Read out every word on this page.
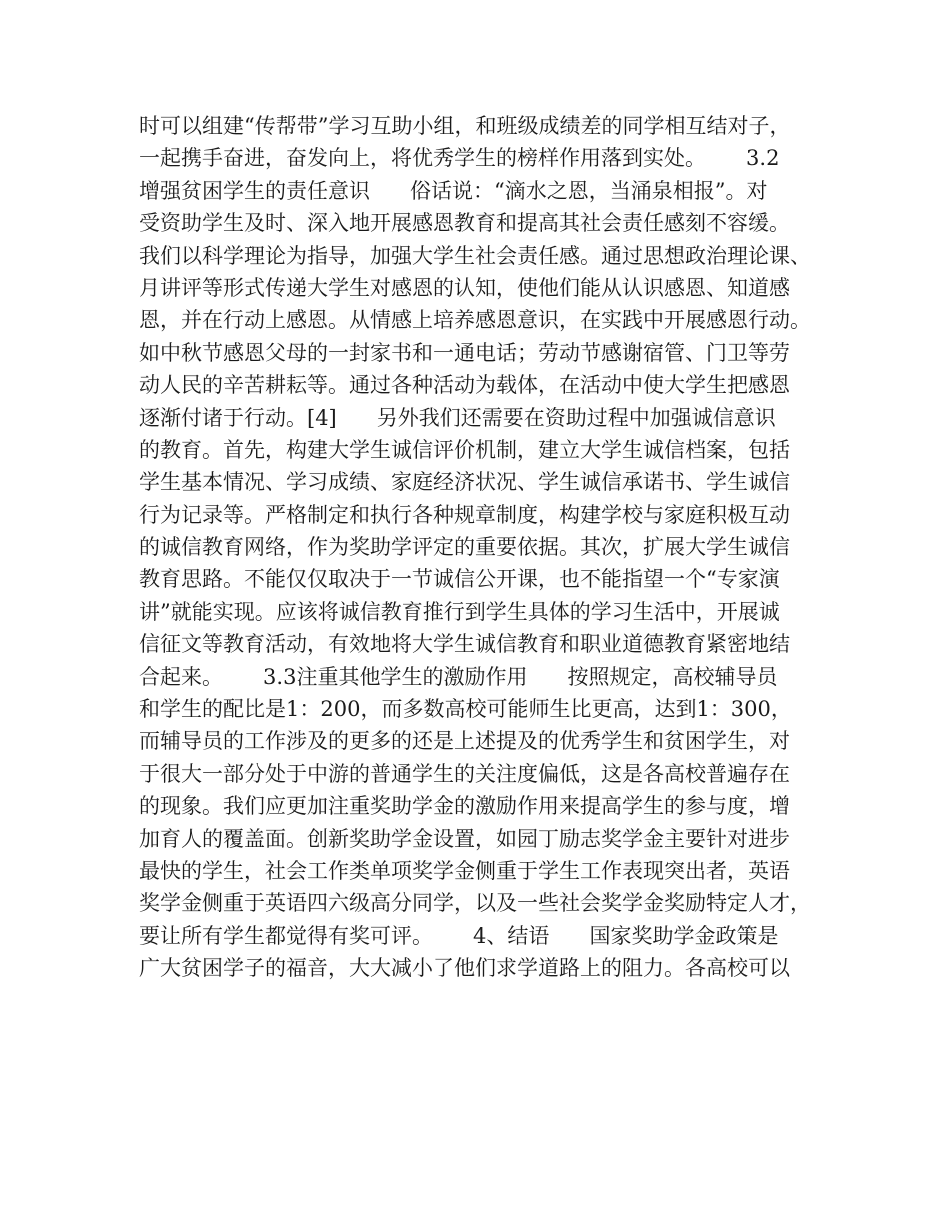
时可以组建“传帮带”学习互助小组，和班级成绩差的同学相互结对子，
一起携手奋进，奋发向上，将优秀学生的榜样作用落到实处。      3.2
增强贫困学生的责任意识      俗话说：“滴水之恩，当涌泉相报”。对
受资助学生及时、深入地开展感恩教育和提高其社会责任感刻不容缓。
我们以科学理论为指导，加强大学生社会责任感。通过思想政治理论课、
月讲评等形式传递大学生对感恩的认知，使他们能从认识感恩、知道感
恩，并在行动上感恩。从情感上培养感恩意识，在实践中开展感恩行动。
如中秋节感恩父母的一封家书和一通电话；劳动节感谢宿管、门卫等劳
动人民的辛苦耕耘等。通过各种活动为载体，在活动中使大学生把感恩
逐渐付诸于行动。[4]      另外我们还需要在资助过程中加强诚信意识
的教育。首先，构建大学生诚信评价机制，建立大学生诚信档案，包括
学生基本情况、学习成绩、家庭经济状况、学生诚信承诺书、学生诚信
行为记录等。严格制定和执行各种规章制度，构建学校与家庭积极互动
的诚信教育网络，作为奖助学评定的重要依据。其次，扩展大学生诚信
教育思路。不能仅仅取决于一节诚信公开课，也不能指望一个“专家演
讲”就能实现。应该将诚信教育推行到学生具体的学习生活中，开展诚
信征文等教育活动，有效地将大学生诚信教育和职业道德教育紧密地结
合起来。      3.3注重其他学生的激励作用      按照规定，高校辅导员
和学生的配比是1：200，而多数高校可能师生比更高，达到1：300，
而辅导员的工作涉及的更多的还是上述提及的优秀学生和贫困学生，对
于很大一部分处于中游的普通学生的关注度偏低，这是各高校普遍存在
的现象。我们应更加注重奖助学金的激励作用来提高学生的参与度，增
加育人的覆盖面。创新奖助学金设置，如园丁励志奖学金主要针对进步
最快的学生，社会工作类单项奖学金侧重于学生工作表现突出者，英语
奖学金侧重于英语四六级高分同学，以及一些社会奖学金奖励特定人才，
要让所有学生都觉得有奖可评。      4、结语      国家奖助学金政策是
广大贫困学子的福音，大大减小了他们求学道路上的阻力。各高校可以
